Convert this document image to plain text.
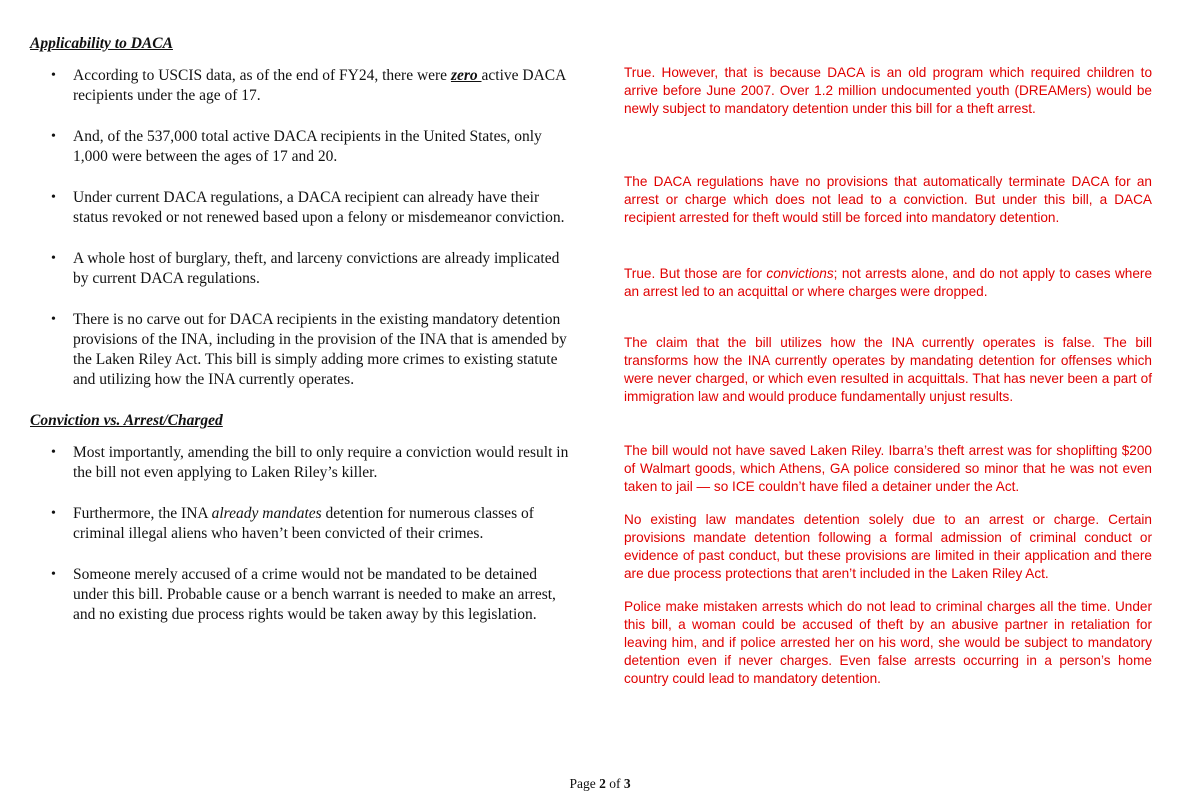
Applicability to DACA
• According to USCIS data, as of the end of FY24, there were zero active DACA recipients under the age of 17.
• And, of the 537,000 total active DACA recipients in the United States, only 1,000 were between the ages of 17 and 20.
• Under current DACA regulations, a DACA recipient can already have their status revoked or not renewed based upon a felony or misdemeanor conviction.
• A whole host of burglary, theft, and larceny convictions are already implicated by current DACA regulations.
• There is no carve out for DACA recipients in the existing mandatory detention provisions of the INA, including in the provision of the INA that is amended by the Laken Riley Act. This bill is simply adding more crimes to existing statute and utilizing how the INA currently operates.
Conviction vs. Arrest/Charged
• Most importantly, amending the bill to only require a conviction would result in the bill not even applying to Laken Riley’s killer.
• Furthermore, the INA already mandates detention for numerous classes of criminal illegal aliens who haven’t been convicted of their crimes.
• Someone merely accused of a crime would not be mandated to be detained under this bill. Probable cause or a bench warrant is needed to make an arrest, and no existing due process rights would be taken away by this legislation.

True. However, that is because DACA is an old program which required children to arrive before June 2007. Over 1.2 million undocumented youth (DREAMers) would be newly subject to mandatory detention under this bill for a theft arrest.

The DACA regulations have no provisions that automatically terminate DACA for an arrest or charge which does not lead to a conviction. But under this bill, a DACA recipient arrested for theft would still be forced into mandatory detention.

True. But those are for convictions; not arrests alone, and do not apply to cases where an arrest led to an acquittal or where charges were dropped.

The claim that the bill utilizes how the INA currently operates is false. The bill transforms how the INA currently operates by mandating detention for offenses which were never charged, or which even resulted in acquittals. That has never been a part of immigration law and would produce fundamentally unjust results.

The bill would not have saved Laken Riley. Ibarra’s theft arrest was for shoplifting $200 of Walmart goods, which Athens, GA police considered so minor that he was not even taken to jail — so ICE couldn’t have filed a detainer under the Act.

No existing law mandates detention solely due to an arrest or charge. Certain provisions mandate detention following a formal admission of criminal conduct or evidence of past conduct, but these provisions are limited in their application and there are due process protections that aren’t included in the Laken Riley Act.

Police make mistaken arrests which do not lead to criminal charges all the time. Under this bill, a woman could be accused of theft by an abusive partner in retaliation for leaving him, and if police arrested her on his word, she would be subject to mandatory detention even if never charges. Even false arrests occurring in a person’s home country could lead to mandatory detention.

Page 2 of 3
